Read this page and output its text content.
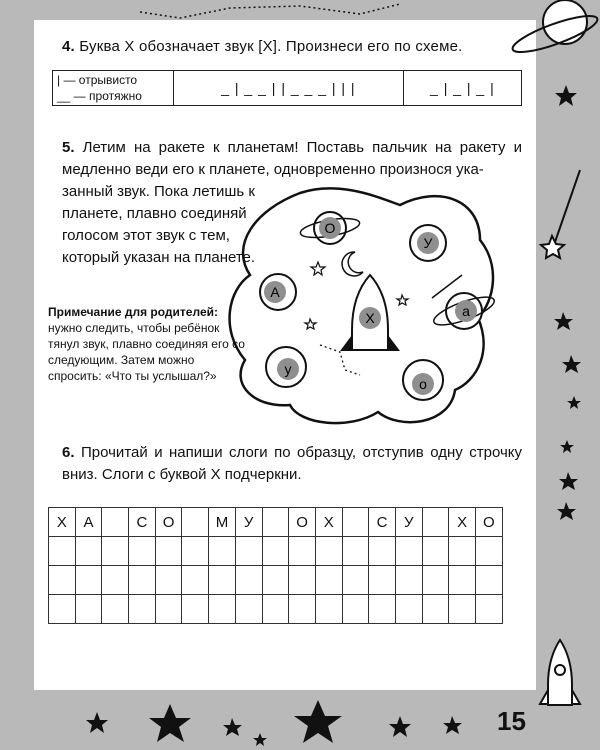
4. Буква Х обозначает звук [Х]. Произнеси его по схеме.
| — отрывисто
__ — протяжно	_ | _ _ | | _ _ _ | | |	_ | _ | _ |
5. Летим на ракете к планетам! Поставь пальчик на ракету и медленно веди его к планете, одновременно произнося ука-
занный звук. Пока летишь к планете, плавно соединяй голосом этот звук с тем, который указан на планете.
О
У
А
а
Х
у
о
Примечание для родителей:
нужно следить, чтобы ребёнок тянул звук, плавно соединяя его со следующим. Затем можно спросить: «Что ты услышал?»
6. Прочитай и напиши слоги по образцу, отступив одну строчку вниз. Слоги с буквой Х подчеркни.
Х	А		С	О		М	У		О	Х		С	У		Х	О

15
